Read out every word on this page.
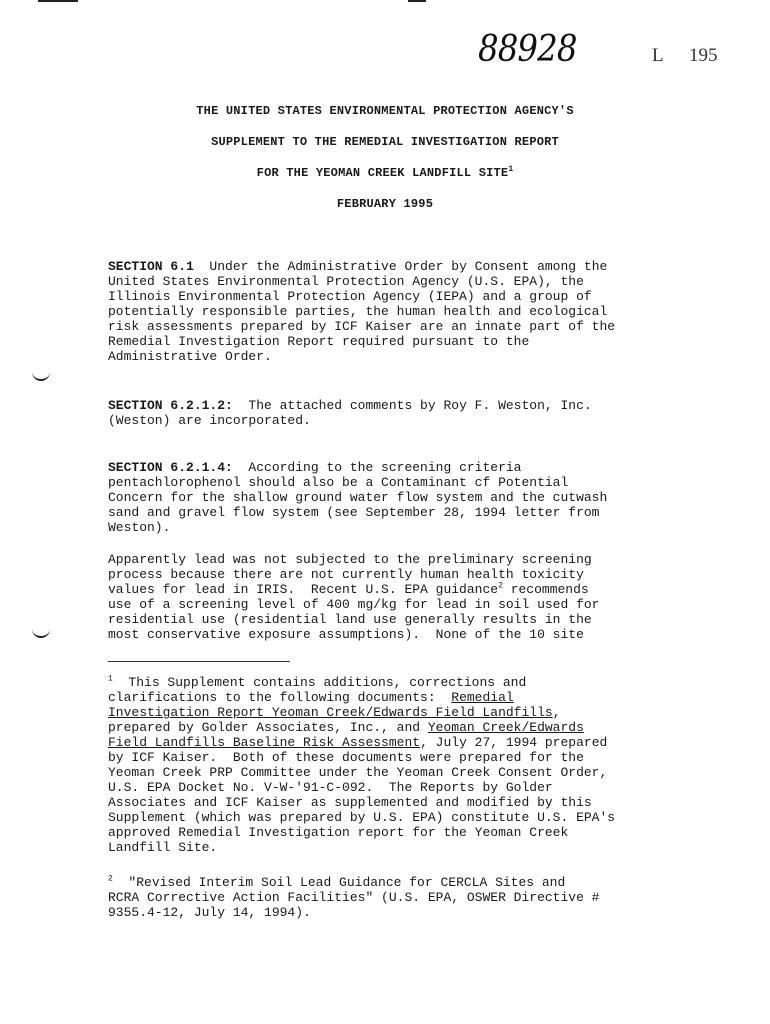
88928	L 195
THE UNITED STATES ENVIRONMENTAL PROTECTION AGENCY'S
SUPPLEMENT TO THE REMEDIAL INVESTIGATION REPORT
FOR THE YEOMAN CREEK LANDFILL SITE$^1$
FEBRUARY 1995
SECTION 6.1  Under the Administrative Order by Consent among the
United States Environmental Protection Agency (U.S. EPA), the
Illinois Environmental Protection Agency (IEPA) and a group of
potentially responsible parties, the human health and ecological
risk assessments prepared by ICF Kaiser are an innate part of the
Remedial Investigation Report required pursuant to the
Administrative Order.
SECTION 6.2.1.2:  The attached comments by Roy F. Weston, Inc.
(Weston) are incorporated.
SECTION 6.2.1.4:  According to the screening criteria
pentachlorophenol should also be a Contaminant cf Potential
Concern for the shallow ground water flow system and the cutwash
sand and gravel flow system (see September 28, 1994 letter from
Weston).
Apparently lead was not subjected to the preliminary screening
process because there are not currently human health toxicity
values for lead in IRIS.  Recent U.S. EPA guidance$^2$ recommends
use of a screening level of 400 mg/kg for lead in soil used for
residential use (residential land use generally results in the
most conservative exposure assumptions).  None of the 10 site
$^1$  This Supplement contains additions, corrections and
clarifications to the following documents:  Remedial
Investigation Report Yeoman Creek/Edwards Field Landfills,
prepared by Golder Associates, Inc., and Yeoman Creek/Edwards
Field Landfills Baseline Risk Assessment, July 27, 1994 prepared
by ICF Kaiser.  Both of these documents were prepared for the
Yeoman Creek PRP Committee under the Yeoman Creek Consent Order,
U.S. EPA Docket No. V-W-'91-C-092.  The Reports by Golder
Associates and ICF Kaiser as supplemented and modified by this
Supplement (which was prepared by U.S. EPA) constitute U.S. EPA's
approved Remedial Investigation report for the Yeoman Creek
Landfill Site.
$^2$  "Revised Interim Soil Lead Guidance for CERCLA Sites and
RCRA Corrective Action Facilities" (U.S. EPA, OSWER Directive #
9355.4-12, July 14, 1994).
